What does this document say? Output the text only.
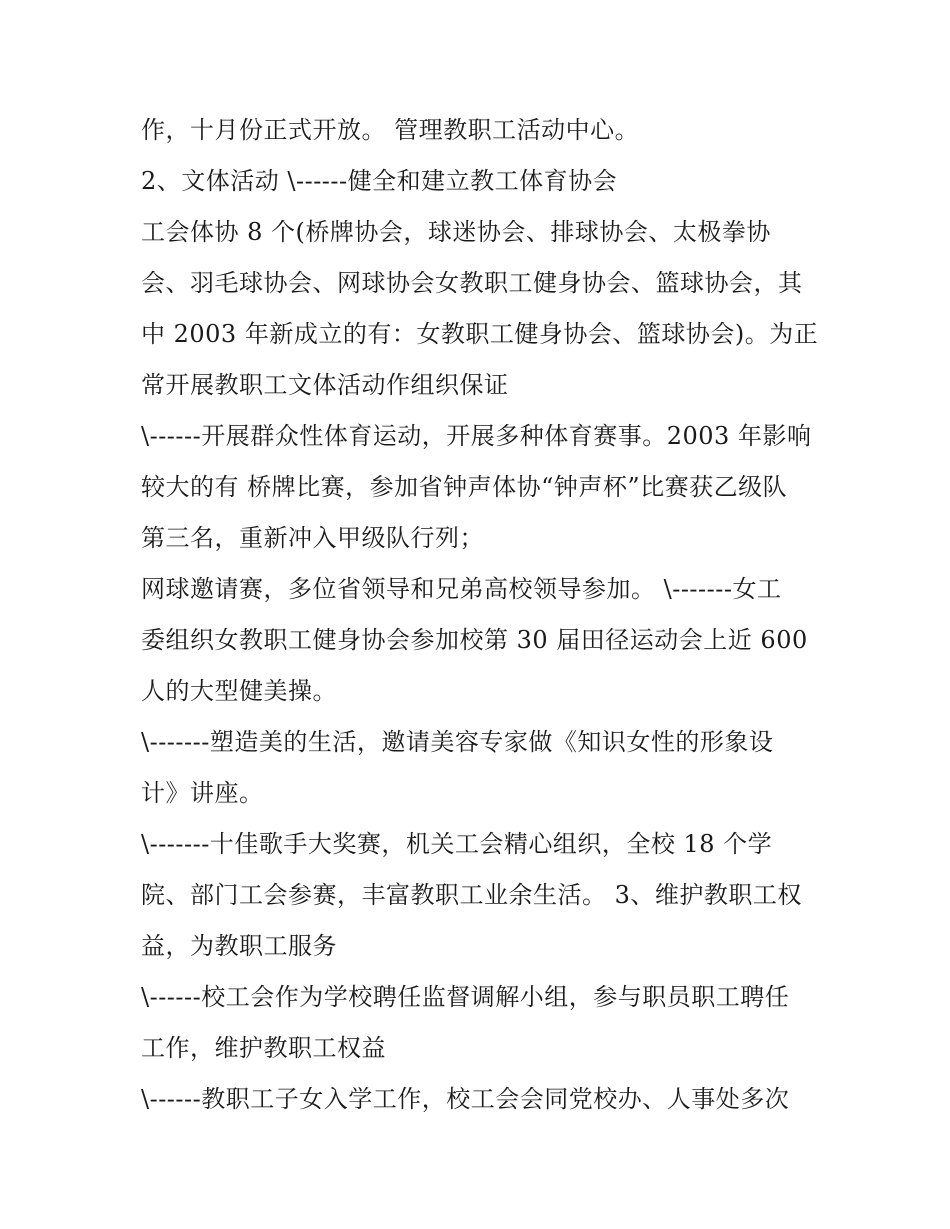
作，十月份正式开放。 管理教职工活动中心。
2、文体活动 \------健全和建立教工体育协会
工会体协 8 个(桥牌协会，球迷协会、排球协会、太极拳协
会、羽毛球协会、网球协会女教职工健身协会、篮球协会，其
中 2003 年新成立的有：女教职工健身协会、篮球协会)。为正
常开展教职工文体活动作组织保证
\------开展群众性体育运动，开展多种体育赛事。2003 年影响
较大的有 桥牌比赛，参加省钟声体协“钟声杯”比赛获乙级队
第三名，重新冲入甲级队行列；
网球邀请赛，多位省领导和兄弟高校领导参加。 \-------女工
委组织女教职工健身协会参加校第 30 届田径运动会上近 600
人的大型健美操。
\-------塑造美的生活，邀请美容专家做《知识女性的形象设
计》讲座。
\-------十佳歌手大奖赛，机关工会精心组织，全校 18 个学
院、部门工会参赛，丰富教职工业余生活。 3、维护教职工权
益，为教职工服务
\------校工会作为学校聘任监督调解小组，参与职员职工聘任
工作，维护教职工权益
\------教职工子女入学工作，校工会会同党校办、人事处多次
